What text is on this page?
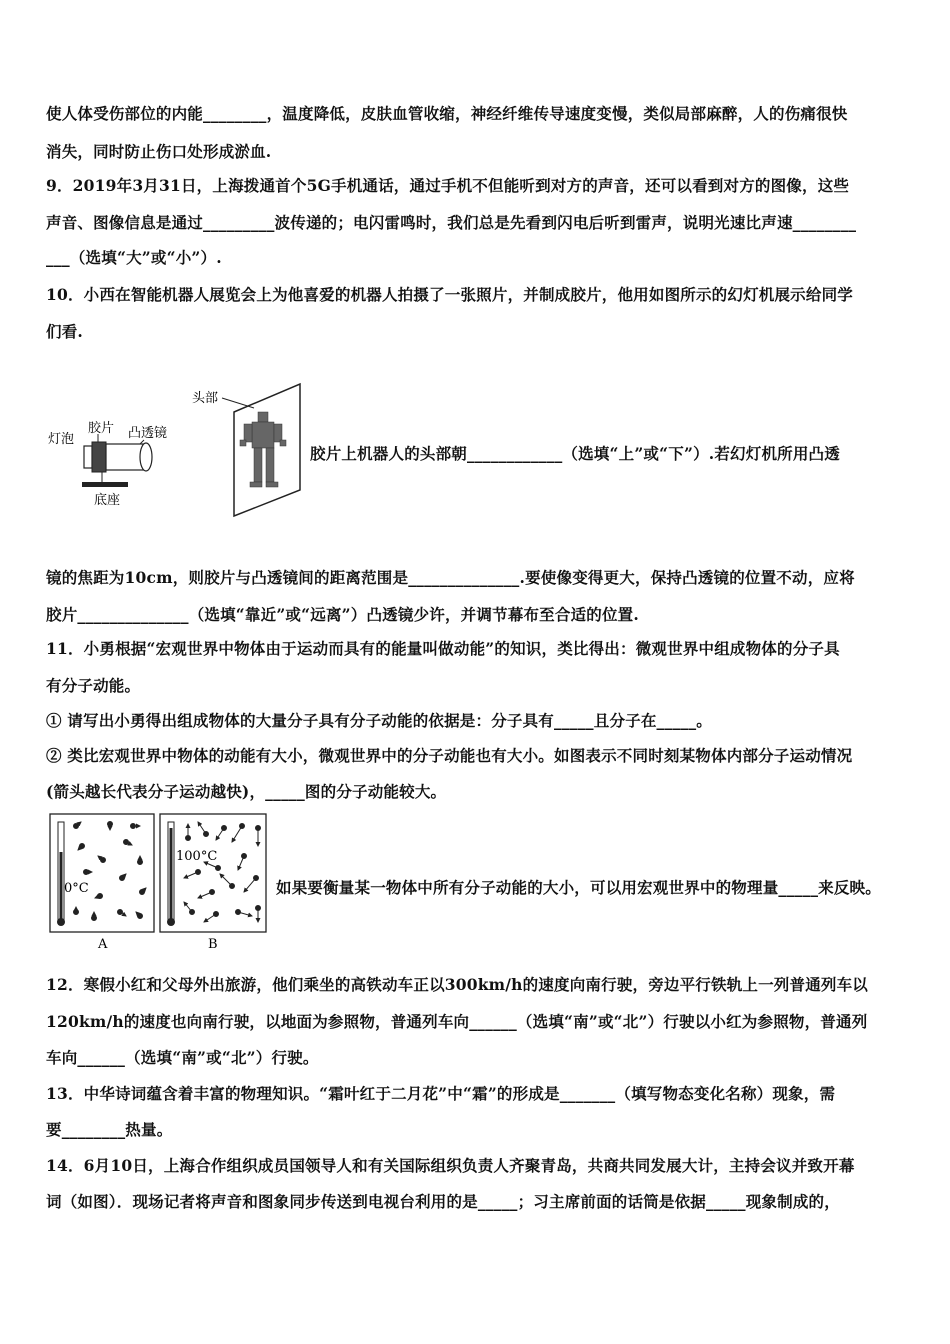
使人体受伤部位的内能________，温度降低，皮肤血管收缩，神经纤维传导速度变慢，类似局部麻醉，人的伤痛很快
消失，同时防止伤口处形成淤血.
9．2019年3月31日，上海拨通首个5G手机通话，通过手机不但能听到对方的声音，还可以看到对方的图像，这些
声音、图像信息是通过_________波传递的；电闪雷鸣时，我们总是先看到闪电后听到雷声，说明光速比声速________
___（选填“大”或“小”）.
10．小西在智能机器人展览会上为他喜爱的机器人拍摄了一张照片，并制成胶片，他用如图所示的幻灯机展示给同学
们看.
灯泡
胶片 凸透镜
底座
头部
胶片上机器人的头部朝____________（选填“上”或“下”）.若幻灯机所用凸透
镜的焦距为10cm，则胶片与凸透镜间的距离范围是______________.要使像变得更大，保持凸透镜的位置不动，应将
胶片______________（选填“靠近”或“远离”）凸透镜少许，并调节幕布至合适的位置.
11．小勇根据“宏观世界中物体由于运动而具有的能量叫做动能”的知识，类比得出：微观世界中组成物体的分子具
有分子动能。
① 请写出小勇得出组成物体的大量分子具有分子动能的依据是：分子具有_____且分子在_____。
② 类比宏观世界中物体的动能有大小，微观世界中的分子动能也有大小。如图表示不同时刻某物体内部分子运动情况
(箭头越长代表分子运动越快)，_____图的分子动能较大。
0°C
A
100°C
B
如果要衡量某一物体中所有分子动能的大小，可以用宏观世界中的物理量_____来反映。
12．寒假小红和父母外出旅游，他们乘坐的高铁动车正以300km/h的速度向南行驶，旁边平行铁轨上一列普通列车以
120km/h的速度也向南行驶，以地面为参照物，普通列车向______（选填“南”或“北”）行驶以小红为参照物，普通列
车向______（选填“南”或“北”）行驶。
13．中华诗词蕴含着丰富的物理知识。“霜叶红于二月花”中“霜”的形成是_______（填写物态变化名称）现象，需
要________热量。
14．6月10日，上海合作组织成员国领导人和有关国际组织负责人齐聚青岛，共商共同发展大计，主持会议并致开幕
词（如图）．现场记者将声音和图象同步传送到电视台利用的是_____；习主席前面的话筒是依据_____现象制成的，
